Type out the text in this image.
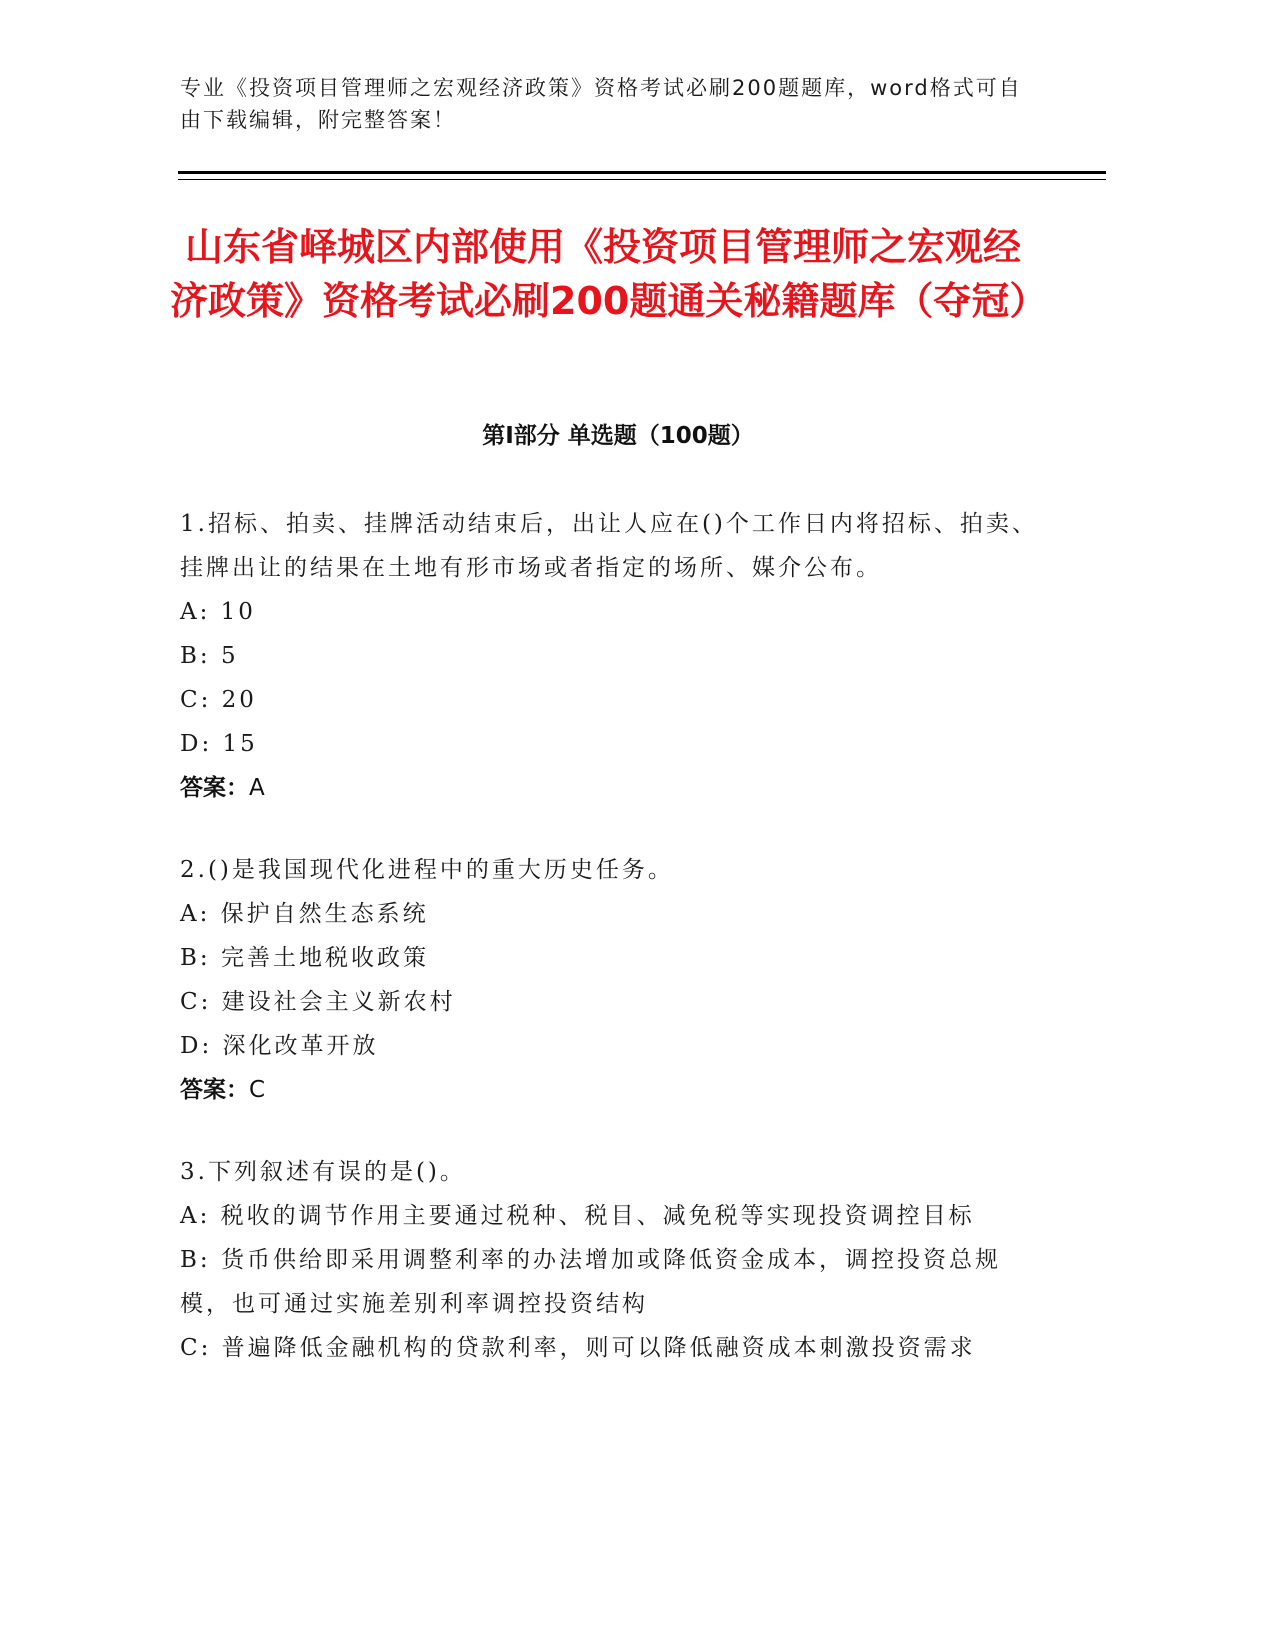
专业《投资项目管理师之宏观经济政策》资格考试必刷200题题库，word格式可自由下载编辑，附完整答案！
山东省峄城区内部使用《投资项目管理师之宏观经济政策》资格考试必刷200题通关秘籍题库（夺冠）
第I部分 单选题（100题）
1.招标、拍卖、挂牌活动结束后，出让人应在()个工作日内将招标、拍卖、挂牌出让的结果在土地有形市场或者指定的场所、媒介公布。
A: 10
B: 5
C: 20
D: 15
答案：A
2.()是我国现代化进程中的重大历史任务。
A: 保护自然生态系统
B: 完善土地税收政策
C: 建设社会主义新农村
D: 深化改革开放
答案：C
3.下列叙述有误的是()。
A: 税收的调节作用主要通过税种、税目、减免税等实现投资调控目标
B: 货币供给即采用调整利率的办法增加或降低资金成本，调控投资总规模，也可通过实施差别利率调控投资结构
C: 普遍降低金融机构的贷款利率，则可以降低融资成本刺激投资需求
